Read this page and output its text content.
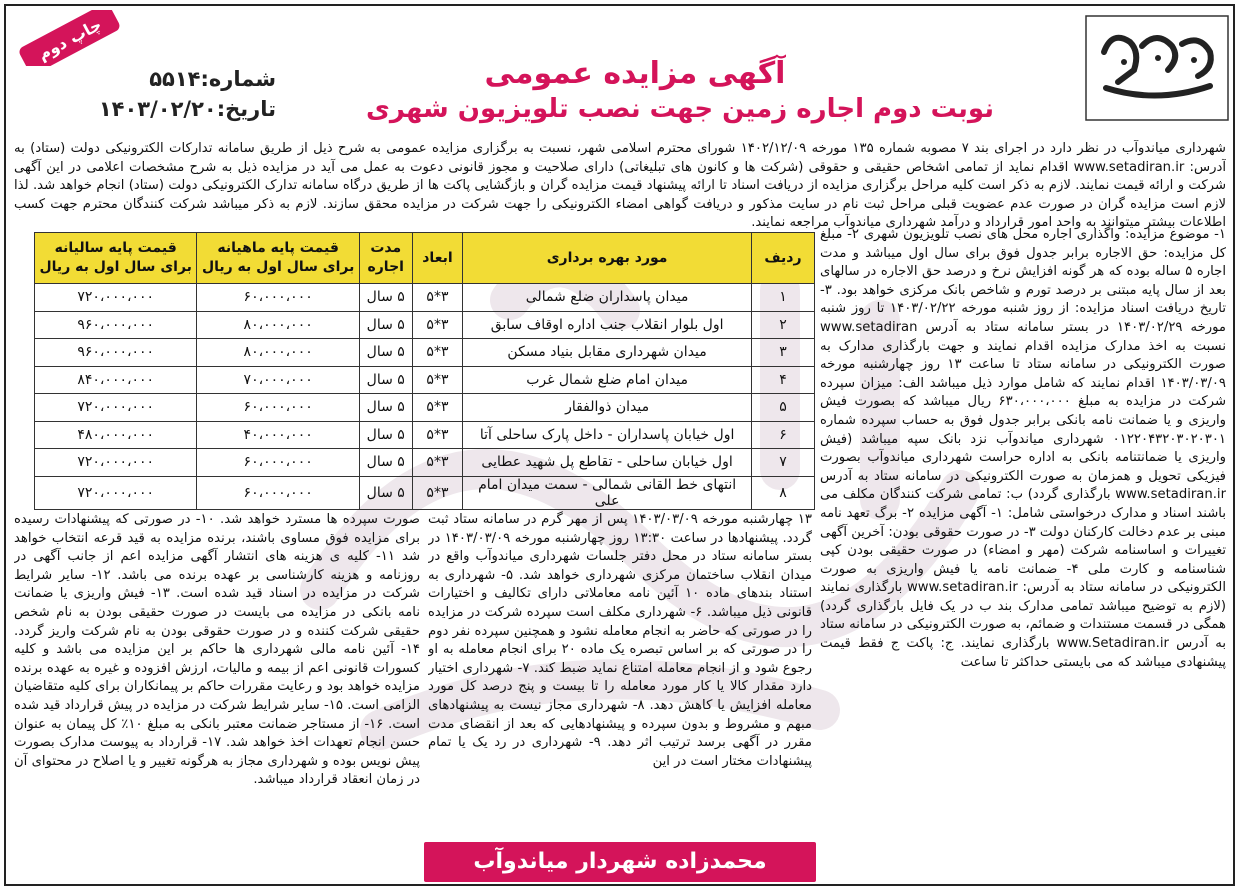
چاپ دوم
شماره:۵۵۱۴
تاریخ:۱۴۰۳/۰۲/۲۰
آگهی مزایده عمومی
نوبت دوم اجاره زمین جهت نصب تلویزیون شهری
شهرداری میاندوآب در نظر دارد در اجرای بند ۷ مصوبه شماره ۱۳۵ مورخه ۱۴۰۲/۱۲/۰۹ شورای محترم اسلامی شهر، نسبت به برگزاری مزایده عمومی به شرح ذیل از طریق سامانه تدارکات الکترونیکی دولت (ستاد) به آدرس: www.setadiran.ir اقدام نماید از تمامی اشخاص حقیقی و حقوقی (شرکت ها و کانون های تبلیغاتی) دارای صلاحیت و مجوز قانونی دعوت به عمل می آید در مزایده ذیل به شرح مشخصات اعلامی در این آگهی شرکت و ارائه قیمت نمایند. لازم به ذکر است کلیه مراحل برگزاری مزایده از دریافت اسناد تا ارائه پیشنهاد قیمت مزایده گران و بازگشایی پاکت ها از طریق درگاه سامانه تدارک الکترونیکی دولت (ستاد) انجام خواهد شد. لذا لازم است مزایده گران در صورت عدم عضویت قبلی مراحل ثبت نام در سایت مذکور و دریافت گواهی امضاء الکترونیکی را جهت شرکت در مزایده محقق سازند. لازم به ذکر میباشد شرکت کنندگان محترم جهت کسب اطلاعات بیشتر میتوانند به واحد امور قرارداد و درآمد شهرداری میاندوآب مراجعه نمایند.
ردیف	مورد بهره برداری	ابعاد	مدت اجاره	قیمت پایه ماهیانه برای سال اول به ریال	قیمت پایه سالیانه برای سال اول به ریال
۱	میدان پاسداران ضلع شمالی	۳*۵	۵ سال	۶۰،۰۰۰،۰۰۰	۷۲۰،۰۰۰،۰۰۰
۲	اول بلوار انقلاب جنب اداره اوقاف سابق	۳*۵	۵ سال	۸۰،۰۰۰،۰۰۰	۹۶۰،۰۰۰،۰۰۰
۳	میدان شهرداری مقابل بنیاد مسکن	۳*۵	۵ سال	۸۰،۰۰۰،۰۰۰	۹۶۰،۰۰۰،۰۰۰
۴	میدان امام ضلع شمال غرب	۳*۵	۵ سال	۷۰،۰۰۰،۰۰۰	۸۴۰،۰۰۰،۰۰۰
۵	میدان ذوالفقار	۳*۵	۵ سال	۶۰،۰۰۰،۰۰۰	۷۲۰،۰۰۰،۰۰۰
۶	اول خیابان پاسداران - داخل پارک ساحلی آتا	۳*۵	۵ سال	۴۰،۰۰۰،۰۰۰	۴۸۰،۰۰۰،۰۰۰
۷	اول خیابان ساحلی - تقاطع پل شهید عطایی	۳*۵	۵ سال	۶۰،۰۰۰،۰۰۰	۷۲۰،۰۰۰،۰۰۰
۸	انتهای خط القانی شمالی - سمت میدان امام علی	۳*۵	۵ سال	۶۰،۰۰۰،۰۰۰	۷۲۰،۰۰۰،۰۰۰
۱- موضوع مزایده: واگذاری اجاره محل های نصب تلویزیون شهری ۲- مبلغ کل مزایده: حق الاجاره برابر جدول فوق برای سال اول میباشد و مدت اجاره ۵ ساله بوده که هر گونه افزایش نرخ و درصد حق الاجاره در سالهای بعد از سال پایه مبتنی بر درصد تورم و شاخص بانک مرکزی خواهد بود. ۳- تاریخ دریافت اسناد مزایده: از روز شنبه مورخه ۱۴۰۳/۰۲/۲۲ تا روز شنبه مورخه ۱۴۰۳/۰۲/۲۹ در بستر سامانه ستاد به آدرس www.setadiran نسبت به اخذ مدارک مزایده اقدام نمایند و جهت بارگذاری مدارک به صورت الکترونیکی در سامانه ستاد تا ساعت ۱۳ روز چهارشنبه مورخه ۱۴۰۳/۰۳/۰۹ اقدام نمایند که شامل موارد ذیل میباشد الف: میزان سپرده شرکت در مزایده به مبلغ ۶۳۰،۰۰۰،۰۰۰ ریال میباشد که بصورت فیش واریزی و یا ضمانت نامه بانکی برابر جدول فوق به حساب سپرده شماره ۰۱۲۲۰۴۳۲۰۳۰۲۰۳۰۱ شهرداری میاندوآب نزد بانک سپه میباشد (فیش واریزی یا ضمانتنامه بانکی به اداره حراست شهرداری میاندوآب بصورت فیزیکی تحویل و همزمان به صورت الکترونیکی در سامانه ستاد به آدرس www.setadiran.ir بارگذاری گردد) ب: تمامی شرکت کنندگان مکلف می باشند اسناد و مدارک درخواستی شامل: ۱- آگهی مزایده ۲- برگ تعهد نامه مبنی بر عدم دخالت کارکنان دولت ۳- در صورت حقوقی بودن: آخرین آگهی تغییرات و اساسنامه شرکت (مهر و امضاء) در صورت حقیقی بودن کپی شناسنامه و کارت ملی ۴- ضمانت نامه یا فیش واریزی به صورت الکترونیکی در سامانه ستاد به آدرس: www.setadiran.ir بارگذاری نمایند (لازم به توضیح میباشد تمامی مدارک بند ب در یک فایل بارگذاری گردد) همگی در قسمت مستندات و ضمائم، به صورت الکترونیکی در سامانه ستاد به آدرس www.Setadiran.ir بارگذاری نمایند. ج: پاکت ج فقط قیمت پیشنهادی میباشد که می بایستی حداکثر تا ساعت
۱۳ چهارشنبه مورخه ۱۴۰۳/۰۳/۰۹ پس از مهر گرم در سامانه ستاد ثبت گردد. پیشنهادها در ساعت ۱۳:۳۰ روز چهارشنبه مورخه ۱۴۰۳/۰۳/۰۹ در بستر سامانه ستاد در محل دفتر جلسات شهرداری میاندوآب واقع در میدان انقلاب ساختمان مرکزی شهرداری خواهد شد. ۵- شهرداری به استناد بندهای ماده ۱۰ آئین نامه معاملاتی دارای تکالیف و اختیارات قانونی ذیل میباشد. ۶- شهرداری مکلف است سپرده شرکت در مزایده را در صورتی که حاضر به انجام معامله نشود و همچنین سپرده نفر دوم را در صورتی که بر اساس تبصره یک ماده ۲۰ برای انجام معامله به او رجوع شود و از انجام معامله امتناع نماید ضبط کند. ۷- شهرداری اختیار دارد مقدار کالا یا کار مورد معامله را تا بیست و پنج درصد کل مورد معامله افزایش یا کاهش دهد. ۸- شهرداری مجاز نیست به پیشنهادهای مبهم و مشروط و بدون سپرده و پیشنهادهایی که بعد از انقضای مدت مقرر در آگهی برسد ترتیب اثر دهد. ۹- شهرداری در رد یک یا تمام پیشنهادات مختار است در این
صورت سپرده ها مسترد خواهد شد. ۱۰- در صورتی که پیشنهادات رسیده برای مزایده فوق مساوی باشند، برنده مزایده به قید قرعه انتخاب خواهد شد ۱۱- کلیه ی هزینه های انتشار آگهی مزایده اعم از جانب آگهی در روزنامه و هزینه کارشناسی بر عهده برنده می باشد. ۱۲- سایر شرایط شرکت در مزایده در اسناد قید شده است. ۱۳- فیش واریزی یا ضمانت نامه بانکی در مزایده می بایست در صورت حقیقی بودن به نام شخص حقیقی شرکت کننده و در صورت حقوقی بودن به نام شرکت واریز گردد. ۱۴- آئین نامه مالی شهرداری ها حاکم بر این مزایده می باشد و کلیه کسورات قانونی اعم از بیمه و مالیات، ارزش افزوده و غیره به عهده برنده مزایده خواهد بود و رعایت مقررات حاکم بر پیمانکاران برای کلیه متقاضیان الزامی است. ۱۵- سایر شرایط شرکت در مزایده در پیش قرارداد قید شده است. ۱۶- از مستاجر ضمانت معتبر بانکی به مبلغ ۱۰٪ کل پیمان به عنوان حسن انجام تعهدات اخذ خواهد شد. ۱۷- قرارداد به پیوست مدارک بصورت پیش نویس بوده و شهرداری مجاز به هرگونه تغییر و یا اصلاح در محتوای آن در زمان انعقاد قرارداد میباشد.
محمدزاده شهردار میاندوآب
